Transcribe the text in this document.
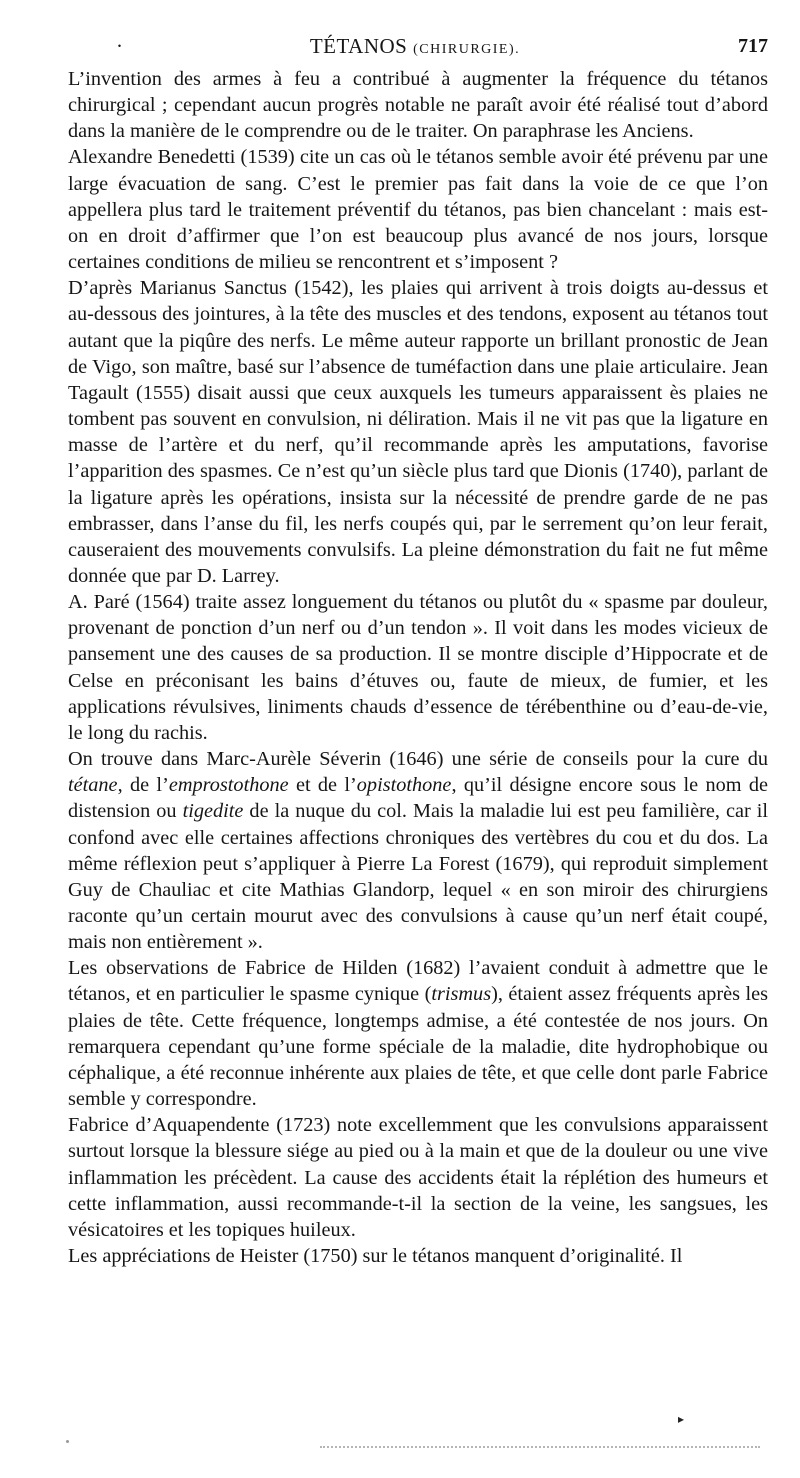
·	TÉTANOS (CHIRURGIE).	717

L’invention des armes à feu a contribué à augmenter la fréquence du tétanos chirurgical ; cependant aucun progrès notable ne paraît avoir été réalisé tout d’abord dans la manière de le comprendre ou de le traiter. On paraphrase les Anciens.

Alexandre Benedetti (1539) cite un cas où le tétanos semble avoir été prévenu par une large évacuation de sang. C’est le premier pas fait dans la voie de ce que l’on appellera plus tard le traitement préventif du tétanos, pas bien chancelant : mais est-on en droit d’affirmer que l’on est beaucoup plus avancé de nos jours, lorsque certaines conditions de milieu se rencontrent et s’imposent ?

D’après Marianus Sanctus (1542), les plaies qui arrivent à trois doigts au-dessus et au-dessous des jointures, à la tête des muscles et des tendons, exposent au tétanos tout autant que la piqûre des nerfs. Le même auteur rapporte un brillant pronostic de Jean de Vigo, son maître, basé sur l’absence de tuméfaction dans une plaie articulaire. Jean Tagault (1555) disait aussi que ceux auxquels les tumeurs apparaissent ès plaies ne tombent pas souvent en convulsion, ni déliration. Mais il ne vit pas que la ligature en masse de l’artère et du nerf, qu’il recommande après les amputations, favorise l’apparition des spasmes. Ce n’est qu’un siècle plus tard que Dionis (1740), parlant de la ligature après les opérations, insista sur la nécessité de prendre garde de ne pas embrasser, dans l’anse du fil, les nerfs coupés qui, par le serrement qu’on leur ferait, causeraient des mouvements convulsifs. La pleine démonstration du fait ne fut même donnée que par D. Larrey.

A. Paré (1564) traite assez longuement du tétanos ou plutôt du « spasme par douleur, provenant de ponction d’un nerf ou d’un tendon ». Il voit dans les modes vicieux de pansement une des causes de sa production. Il se montre disciple d’Hippocrate et de Celse en préconisant les bains d’étuves ou, faute de mieux, de fumier, et les applications révulsives, liniments chauds d’essence de térébenthine ou d’eau-de-vie, le long du rachis.

On trouve dans Marc-Aurèle Séverin (1646) une série de conseils pour la cure du tétane, de l’emprostothone et de l’opistothone, qu’il désigne encore sous le nom de distension ou tigedite de la nuque du col. Mais la maladie lui est peu familière, car il confond avec elle certaines affections chroniques des vertèbres du cou et du dos. La même réflexion peut s’appliquer à Pierre La Forest (1679), qui reproduit simplement Guy de Chauliac et cite Mathias Glandorp, lequel « en son miroir des chirurgiens raconte qu’un certain mourut avec des convulsions à cause qu’un nerf était coupé, mais non entièrement ».

Les observations de Fabrice de Hilden (1682) l’avaient conduit à admettre que le tétanos, et en particulier le spasme cynique (trismus), étaient assez fréquents après les plaies de tête. Cette fréquence, longtemps admise, a été contestée de nos jours. On remarquera cependant qu’une forme spéciale de la maladie, dite hydrophobique ou céphalique, a été reconnue inhérente aux plaies de tête, et que celle dont parle Fabrice semble y correspondre.

Fabrice d’Aquapendente (1723) note excellemment que les convulsions apparaissent surtout lorsque la blessure siége au pied ou à la main et que de la douleur ou une vive inflammation les précèdent. La cause des accidents était la réplétion des humeurs et cette inflammation, aussi recommande-t-il la section de la veine, les sangsues, les vésicatoires et les topiques huileux.

Les appréciations de Heister (1750) sur le tétanos manquent d’originalité. Il

▸
